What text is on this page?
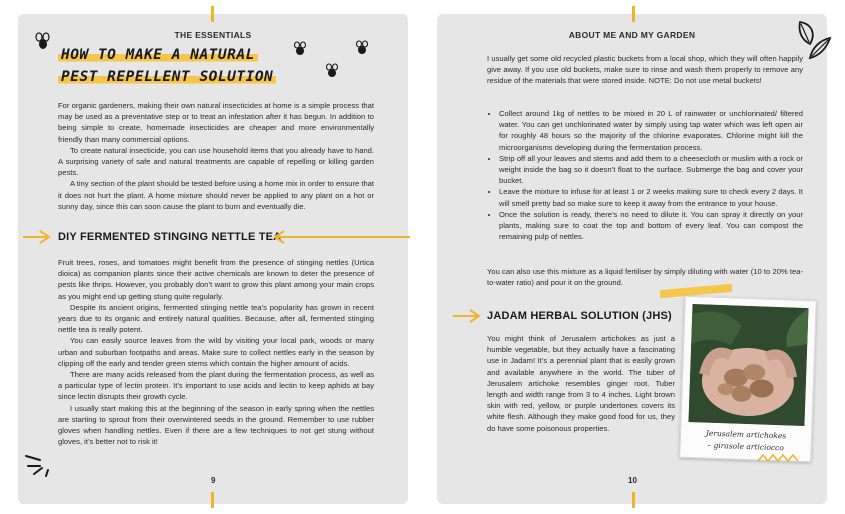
THE ESSENTIALS
HOW TO MAKE A NATURAL
PEST REPELLENT SOLUTION

For organic gardeners, making their own natural insecticides at home is a simple process that may be used as a preventative step or to treat an infestation after it has begun. In addition to being simple to create, homemade insecticides are cheaper and more environmentally friendly than many commercial options.

To create natural insecticide, you can use household items that you already have to hand. A surprising variety of safe and natural treatments are capable of repelling or killing garden pests.

A tiny section of the plant should be tested before using a home mix in order to ensure that it does not hurt the plant. A home mixture should never be applied to any plant on a hot or sunny day, since this can soon cause the plant to burn and eventually die.

DIY FERMENTED STINGING NETTLE TEA

Fruit trees, roses, and tomatoes might benefit from the presence of stinging nettles (Urtica dioica) as companion plants since their active chemicals are known to deter the presence of pests like thrips. However, you probably don’t want to grow this plant among your main crops as you might end up getting stung quite regularly.

Despite its ancient origins, fermented stinging nettle tea’s popularity has grown in recent years due to its organic and entirely natural qualities. Because, after all, fermented stinging nettle tea is really potent.

You can easily source leaves from the wild by visiting your local park, woods or many urban and suburban footpaths and areas. Make sure to collect nettles early in the season by clipping off the early and tender green stems which contain the higher amount of acids.

There are many acids released from the plant during the fermentation process, as well as a particular type of lectin protein. It’s important to use acids and lectin to keep aphids at bay since lectin disrupts their growth cycle.

I usually start making this at the beginning of the season in early spring when the nettles are starting to sprout from their overwintered seeds in the ground. Remember to use rubber gloves when handling nettles. Even if there are a few techniques to not get stung without gloves, it’s better not to risk it!

9
ABOUT ME AND MY GARDEN

I usually get some old recycled plastic buckets from a local shop, which they will often happily give away. If you use old buckets, make sure to rinse and wash them properly to remove any residue of the materials that were stored inside. NOTE: Do not use metal buckets!

• Collect around 1kg of nettles to be mixed in 20 L of rainwater or unchlorinated/ filtered water. You can get unchlorinated water by simply using tap water which was left open air for roughly 48 hours so the majority of the chlorine evaporates. Chlorine might kill the microorganisms developing during the fermentation process.
• Strip off all your leaves and stems and add them to a cheesecloth or muslim with a rock or weight inside the bag so it doesn’t float to the surface. Submerge the bag and cover your bucket.
• Leave the mixture to infuse for at least 1 or 2 weeks making sure to check every 2 days. It will smell pretty bad so make sure to keep it away from the entrance to your house.
• Once the solution is ready, there’s no need to dilute it. You can spray it directly on your plants, making sure to coat the top and bottom of every leaf. You can compost the remaining pulp of nettles.

You can also use this mixture as a liquid fertiliser by simply diluting with water (10 to 20% tea-to-water ratio) and pour it on the ground.

JADAM HERBAL SOLUTION (JHS)

You might think of Jerusalem artichokes as just a humble vegetable, but they actually have a fascinating use in Jadam! It’s a perennial plant that is easily grown and available anywhere in the world. The tuber of Jerusalem artichoke resembles ginger root. Tuber length and width range from 3 to 4 inches. Light brown skin with red, yellow, or purple undertones covers its white flesh. Although they make good food for us, they do have some poisonous properties.

Jerusalem artichokes
– girasole articiocco
10
